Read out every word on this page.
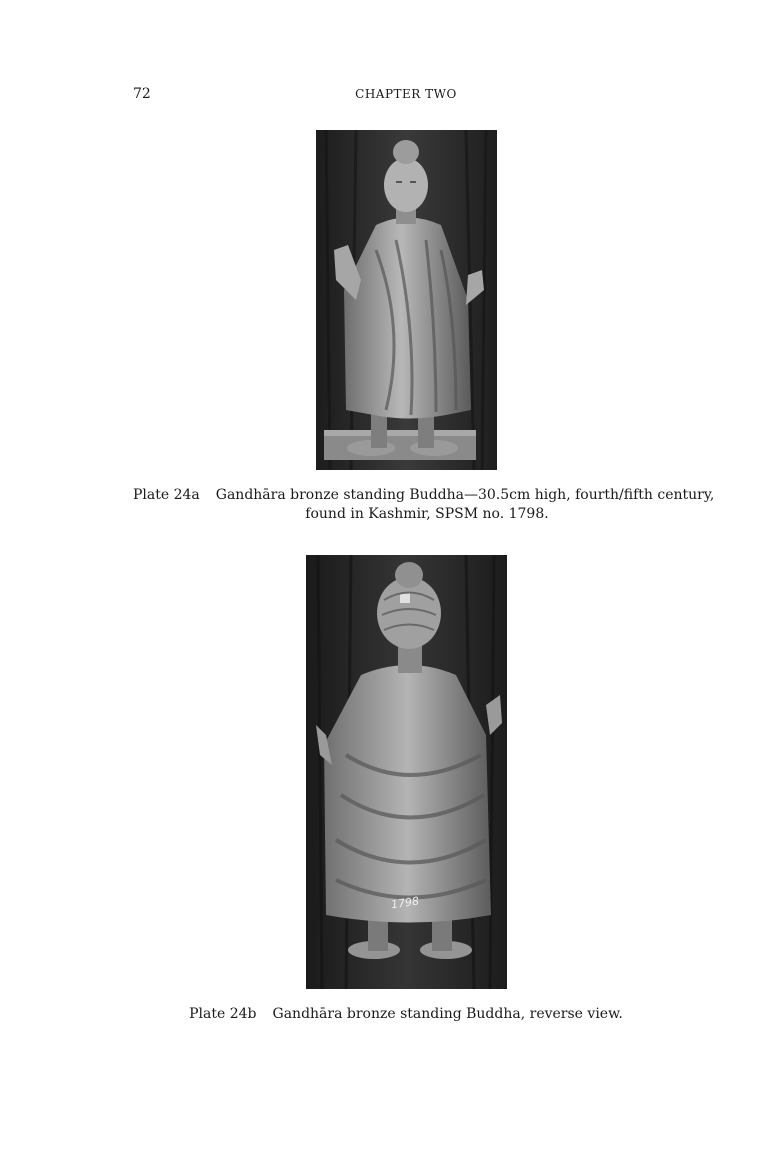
72	CHAPTER TWO
Plate 24a Gandhāra bronze standing Buddha—30.5cm high, fourth/fifth century,
found in Kashmir, SPSM no. 1798.
1798
Plate 24b Gandhāra bronze standing Buddha, reverse view.
